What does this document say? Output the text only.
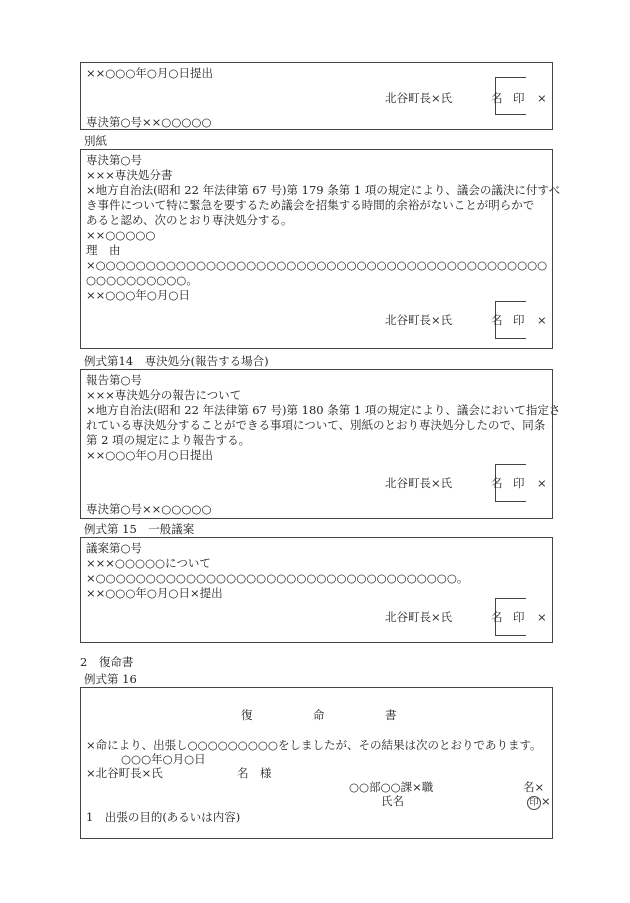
××○○○年○月○日提出
北谷町長×氏	名 印 ×
専決第○号××○○○○○
別紙
専決第○号
×××専決処分書
×地方自治法(昭和 22 年法律第 67 号)第 179 条第 1 項の規定により、議会の議決に付すべ
き事件について特に緊急を要するため議会を招集する時間的余裕がないことが明らかで
あると認め、次のとおり専決処分する。
××○○○○○
理　由
×○○○○○○○○○○○○○○○○○○○○○○○○○○○○○○○○○○○○○○○○○○○○○
○○○○○○○○○○。
××○○○年○月○日
北谷町長×氏	名 印 ×
例式第14　専決処分(報告する場合)
報告第○号
×××専決処分の報告について
×地方自治法(昭和 22 年法律第 67 号)第 180 条第 1 項の規定により、議会において指定さ
れている専決処分することができる事項について、別紙のとおり専決処分したので、同条
第 2 項の規定により報告する。
××○○○年○月○日提出
北谷町長×氏	名 印 ×
専決第○号××○○○○○
例式第 15　一般議案
議案第○号
×××○○○○○について
×○○○○○○○○○○○○○○○○○○○○○○○○○○○○○○○○○○○○。
××○○○年○月○日×提出
北谷町長×氏	名 印 ×
2　復命書
例式第 16
復	命	書
×命により、出張し○○○○○○○○○をしましたが、その結果は次のとおりであります。
○○○年○月○日
×北谷町長×氏	名　様
○○部○○課×職	名×
氏名	印 ×
1　出張の目的(あるいは内容)
